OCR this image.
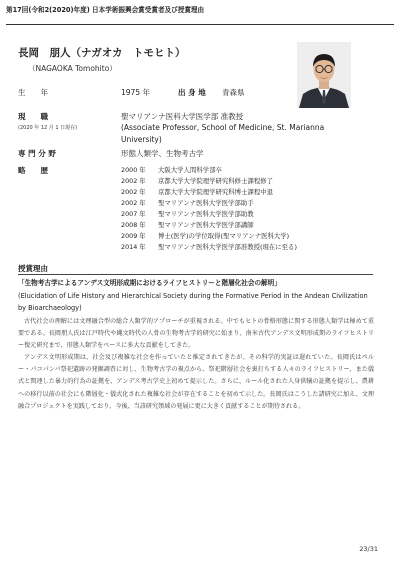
第17回(令和2(2020)年度) 日本学術振興会賞受賞者及び授賞理由
長岡　朋人（ナガオカ　トモヒト）
（NAGAOKA Tomohito）
生　　年	1975 年	出 身 地 青森県
現　　職
(2020 年 12 月 1 日現在)
聖マリアンナ医科大学医学部 准教授
(Associate Professor, School of Medicine, St. Marianna
University)
専 門 分 野	形態人類学、生物考古学
略　　歴	2000 年 大阪大学人間科学部卒
2002 年 京都大学大学院理学研究科修士課程修了
2002 年 京都大学大学院理学研究科博士課程中退
2002 年 聖マリアンナ医科大学医学部助手
2007 年 聖マリアンナ医科大学医学部助教
2008 年 聖マリアンナ医科大学医学部講師
2009 年 博士(医学)の学位取得(聖マリアンナ医科大学)
2014 年 聖マリアンナ医科大学医学部准教授(現在に至る)
授賞理由
「生物考古学によるアンデス文明形成期におけるライフヒストリーと階層化社会の解明」
(Elucidation of Life History and Hierarchical Society during the Formative Period in the Andean Civilization by Bioarchaeology)

古代社会の理解には文理融合型の総合人類学的アプローチが重視される。中でもヒトの骨格形態に関する形態人類学は極めて重要である。長岡朋人氏は江戸時代や縄文時代の人骨の生物考古学的研究に始まり、南米古代アンデス文明形成期のライフヒストリー復元研究まで、形態人類学をベースに多大な貢献をしてきた。

アンデス文明形成期は、社会及び複雑な社会を作っていたと推定されてきたが、その科学的実証は遅れていた。長岡氏はペルー・パコパンパ祭祀遺跡の発掘調査に対し、生物考古学の視点から、祭祀階層社会を裏打ちする人々のライフヒストリー、また儀式と関連した暴力的行為の証拠を、アンデス考古学史上初めて提示した。さらに、ルール化された人身供犠の証拠を提示し、農耕への移行以前の社会にも階層化・儀式化された複雑な社会が存在することを初めて示した。長岡氏はこうした諸研究に加え、文理融合プロジェクトを実践しており、今後、当該研究領域の発展に更に大きく貢献することが期待される。

23/31
